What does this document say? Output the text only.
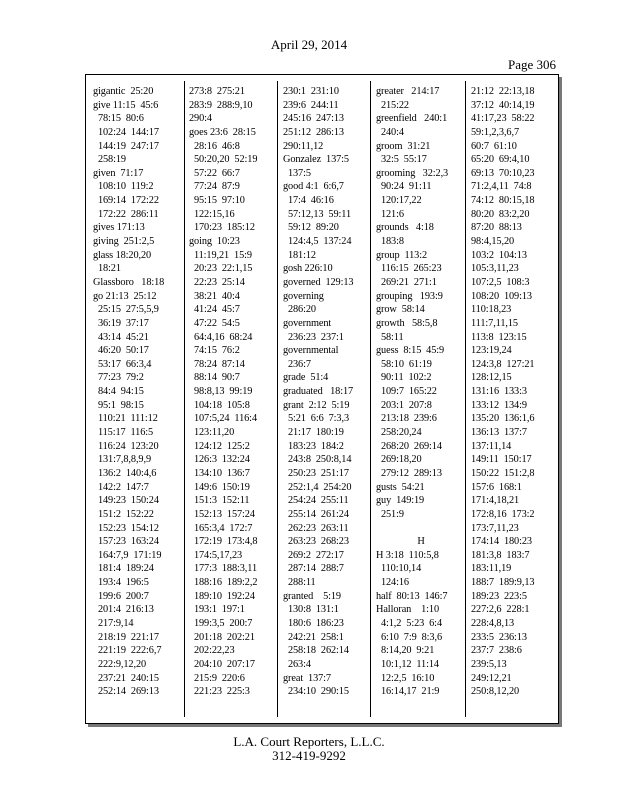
April 29, 2014
Page 306
gigantic  25:20
give 11:15  45:6
78:15  80:6
102:24  144:17
144:19  247:17
258:19
given  71:17
108:10  119:2
169:14  172:22
172:22  286:11
gives 171:13
giving  251:2,5
glass 18:20,20
18:21
Glassboro   18:18
go 21:13  25:12
25:15  27:5,5,9
36:19  37:17
43:14  45:21
46:20  50:17
53:17  66:3,4
77:23  79:2
84:4  94:15
95:1  98:15
110:21  111:12
115:17  116:5
116:24  123:20
131:7,8,8,9,9
136:2  140:4,6
142:2  147:7
149:23  150:24
151:2  152:22
152:23  154:12
157:23  163:24
164:7,9  171:19
181:4  189:24
193:4  196:5
199:6  200:7
201:4  216:13
217:9,14
218:19  221:17
221:19  222:6,7
222:9,12,20
237:21  240:15
252:14  269:13
273:8  275:21
283:9  288:9,10
290:4
goes 23:6  28:15
28:16  46:8
50:20,20  52:19
57:22  66:7
77:24  87:9
95:15  97:10
122:15,16
170:23  185:12
going  10:23
11:19,21  15:9
20:23  22:1,15
22:23  25:14
38:21  40:4
41:24  45:7
47:22  54:5
64:4,16  68:24
74:15  76:2
78:24  87:14
88:14  90:7
98:8,13  99:19
104:18  105:8
107:5,24  116:4
123:11,20
124:12  125:2
126:3  132:24
134:10  136:7
149:6  150:19
151:3  152:11
152:13  157:24
165:3,4  172:7
172:19  173:4,8
174:5,17,23
177:3  188:3,11
188:16  189:2,2
189:10  192:24
193:1  197:1
199:3,5  200:7
201:18  202:21
202:22,23
204:10  207:17
215:9  220:6
221:23  225:3
230:1  231:10
239:6  244:11
245:16  247:13
251:12  286:13
290:11,12
Gonzalez  137:5
137:5
good 4:1  6:6,7
17:4  46:16
57:12,13  59:11
59:12  89:20
124:4,5  137:24
181:12
gosh 226:10
governed  129:13
governing
286:20
government
236:23  237:1
governmental
236:7
grade  51:4
graduated   18:17
grant  2:12  5:19
5:21  6:6  7:3,3
21:17  180:19
183:23  184:2
243:8  250:8,14
250:23  251:17
252:1,4  254:20
254:24  255:11
255:14  261:24
262:23  263:11
263:23  268:23
269:2  272:17
287:14  288:7
288:11
granted    5:19
130:8  131:1
180:6  186:23
242:21  258:1
258:18  262:14
263:4
great  137:7
234:10  290:15
greater   214:17
215:22
greenfield   240:1
240:4
groom  31:21
32:5  55:17
grooming   32:2,3
90:24  91:11
120:17,22
121:6
grounds   4:18
183:8
group  113:2
116:15  265:23
269:21  271:1
grouping   193:9
grow  58:14
growth   58:5,8
58:11
guess  8:15  45:9
58:10  61:19
90:11  102:2
109:7  165:22
203:1  207:8
213:18  239:6
258:20,24
268:20  269:14
269:18,20
279:12  289:13
gusts  54:21
guy  149:19
251:9
H
H 3:18  110:5,8
110:10,14
124:16
half  80:13  146:7
Halloran    1:10
4:1,2  5:23  6:4
6:10  7:9  8:3,6
8:14,20  9:21
10:1,12  11:14
12:2,5  16:10
16:14,17  21:9
21:12  22:13,18
37:12  40:14,19
41:17,23  58:22
59:1,2,3,6,7
60:7  61:10
65:20  69:4,10
69:13  70:10,23
71:2,4,11  74:8
74:12  80:15,18
80:20  83:2,20
87:20  88:13
98:4,15,20
103:2  104:13
105:3,11,23
107:2,5  108:3
108:20  109:13
110:18,23
111:7,11,15
113:8  123:15
123:19,24
124:3,8  127:21
128:12,15
131:16  133:3
133:12  134:9
135:20  136:1,6
136:13  137:7
137:11,14
149:11  150:17
150:22  151:2,8
157:6  168:1
171:4,18,21
172:8,16  173:2
173:7,11,23
174:14  180:23
181:3,8  183:7
183:11,19
188:7  189:9,13
189:23  223:5
227:2,6  228:1
228:4,8,13
233:5  236:13
237:7  238:6
239:5,13
249:12,21
250:8,12,20
L.A. Court Reporters, L.L.C.
312-419-9292
